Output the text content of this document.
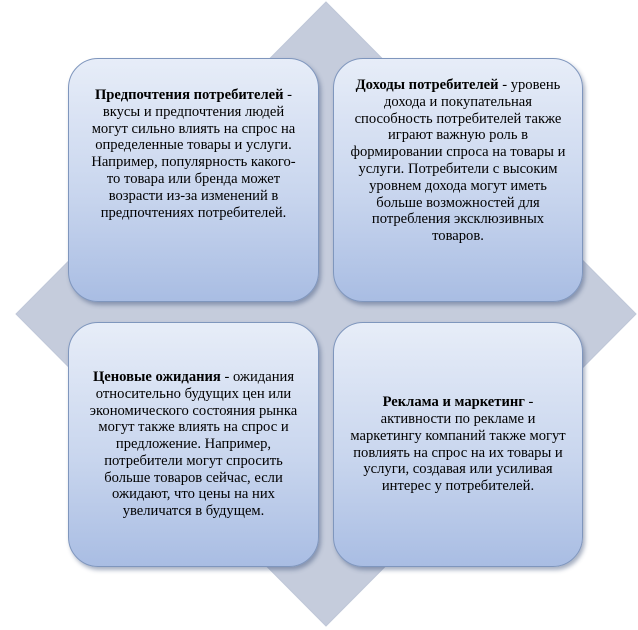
Предпочтения потребителей - вкусы и предпочтения людей могут сильно влиять на спрос на определенные товары и услуги. Например, популярность какого-то товара или бренда может возрасти из-за изменений в предпочтениях потребителей.

Доходы потребителей - уровень дохода и покупательная способность потребителей также играют важную роль в формировании спроса на товары и услуги. Потребители с высоким уровнем дохода могут иметь больше возможностей для потребления эксклюзивных товаров.

Ценовые ожидания - ожидания относительно будущих цен или экономического состояния рынка могут также влиять на спрос и предложение. Например, потребители могут спросить больше товаров сейчас, если ожидают, что цены на них увеличатся в будущем.

Реклама и маркетинг - активности по рекламе и маркетингу компаний также могут повлиять на спрос на их товары и услуги, создавая или усиливая интерес у потребителей.
